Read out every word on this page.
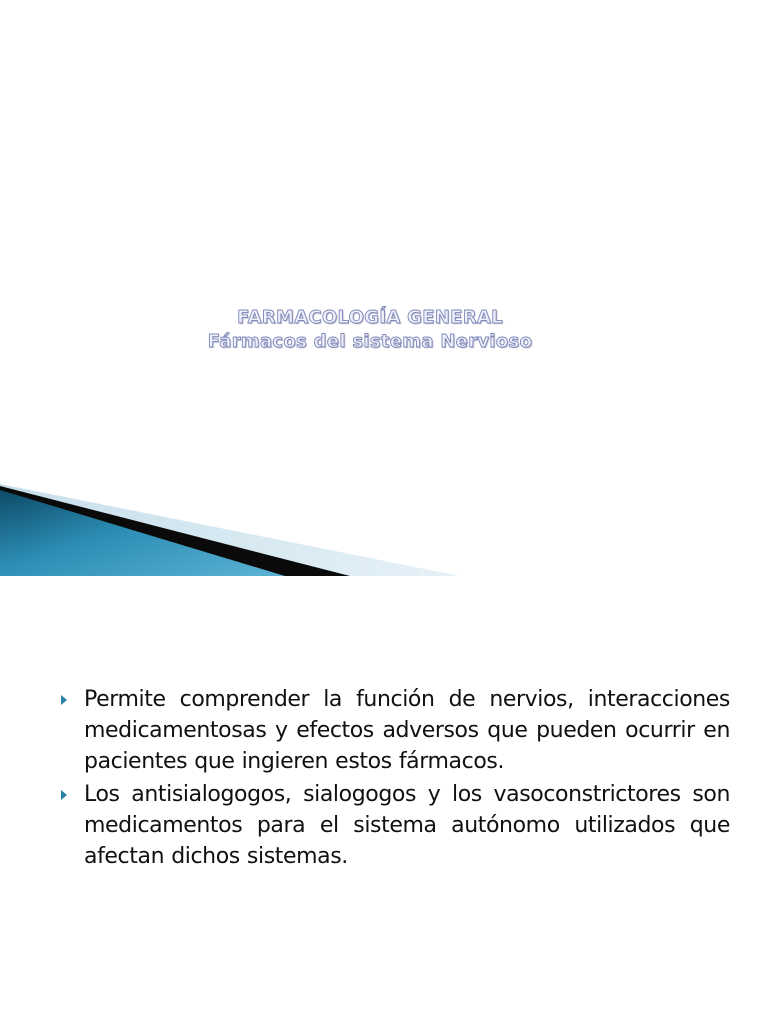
FARMACOLOGÍA GENERAL
Fármacos del sistema Nervioso
Permite comprender la función de nervios, interacciones medicamentosas y efectos adversos que pueden ocurrir en pacientes que ingieren estos fármacos.
Los antisialogogos, sialogogos y los vasoconstrictores son medicamentos para el sistema autónomo utilizados que afectan dichos sistemas.
